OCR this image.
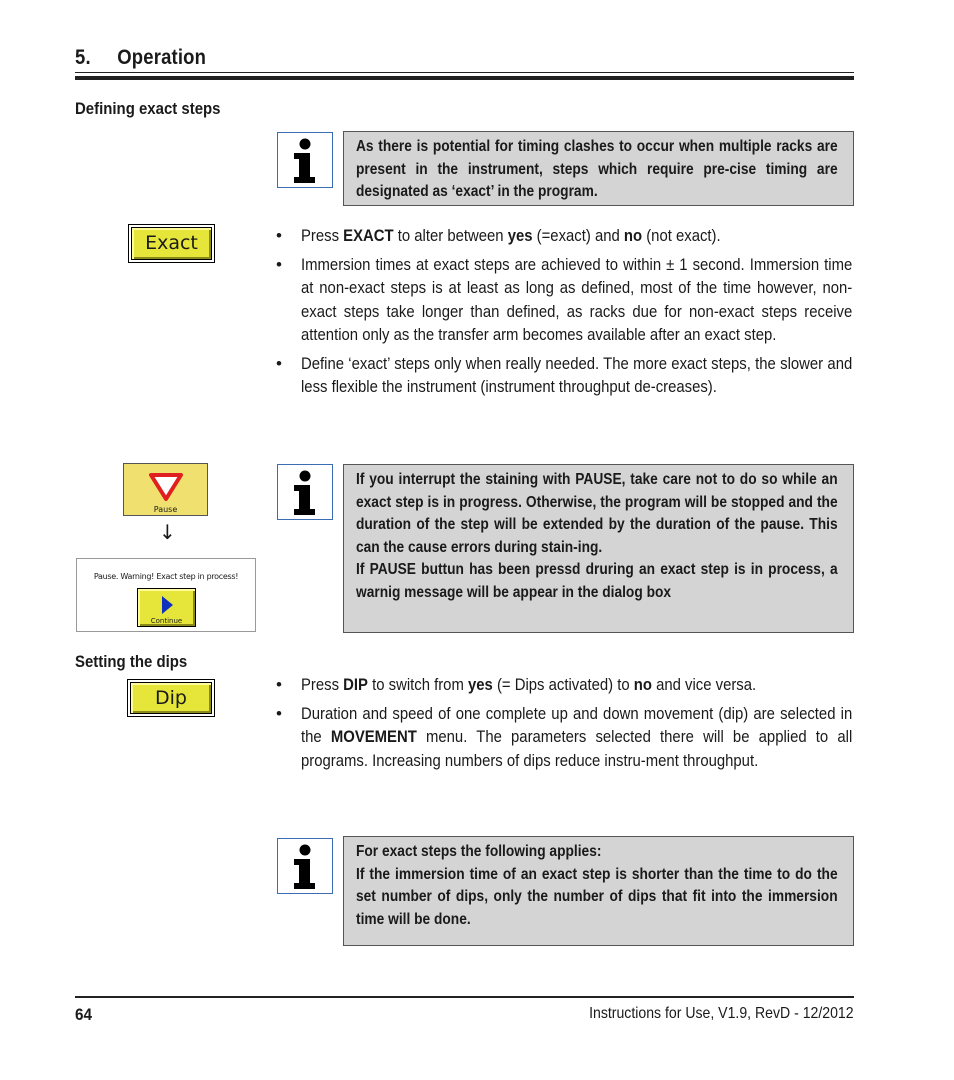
5. Operation
Defining exact steps

As there is potential for timing clashes to occur when multiple racks are present in the instrument, steps which require pre-cise timing are designated as ‘exact’ in the program.

Exact	• Press EXACT to alter between yes (=exact) and no (not exact).
• Immersion times at exact steps are achieved to within ± 1 second. Immersion time at non-exact steps is at least as long as defined, most of the time however, non-exact steps take longer than defined, as racks due for non-exact steps receive attention only as the transfer arm becomes available after an exact step.
• Define ‘exact’ steps only when really needed. The more exact steps, the slower and less flexible the instrument (instrument throughput de-creases).
Pause
↓
Pause. Warning! Exact step in process!
Continue

If you interrupt the staining with PAUSE, take care not to do so while an exact step is in progress. Otherwise, the program will be stopped and the duration of the step will be extended by the duration of the pause. This can the cause errors during stain-ing.

If PAUSE buttun has been pressd druring an exact step is in process, a warnig message will be appear in the dialog box

Setting the dips
Dip
• Press DIP to switch from yes (= Dips activated) to no and vice versa.
• Duration and speed of one complete up and down movement (dip) are selected in the MOVEMENT menu. The parameters selected there will be applied to all programs. Increasing numbers of dips reduce instru-ment throughput.

For exact steps the following applies:

If the immersion time of an exact step is shorter than the time to do the set number of dips, only the number of dips that fit into the immersion time will be done.

64	Instructions for Use, V1.9, RevD - 12/2012
